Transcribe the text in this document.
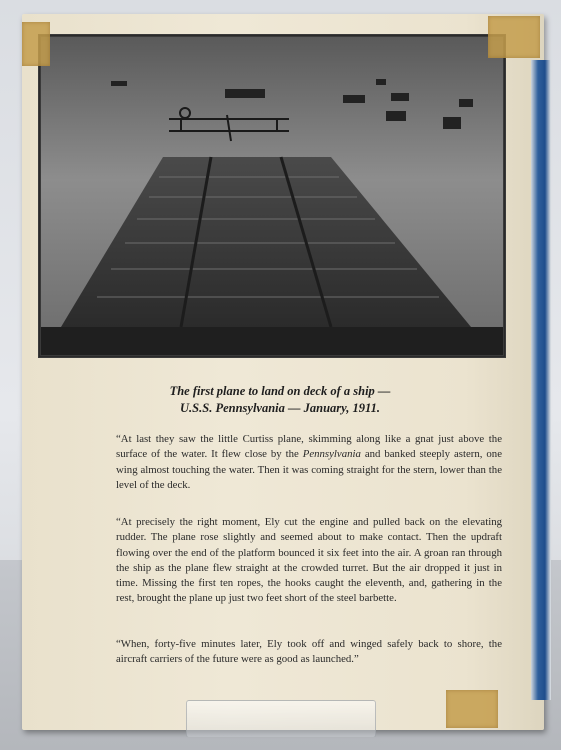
The first plane to land on deck of a ship —
U.S.S. Pennsylvania — January, 1911.
“At last they saw the little Curtiss plane, skimming along like a gnat just above the surface of the water. It flew close by the Pennsylvania and banked steeply astern, one wing almost touching the water. Then it was coming straight for the stern, lower than the level of the deck.
“At precisely the right moment, Ely cut the engine and pulled back on the elevating rudder. The plane rose slightly and seemed about to make contact. Then the updraft flowing over the end of the platform bounced it six feet into the air. A groan ran through the ship as the plane flew straight at the crowded turret. But the air dropped it just in time. Missing the first ten ropes, the hooks caught the eleventh, and, gathering in the rest, brought the plane up just two feet short of the steel barbette.
“When, forty-five minutes later, Ely took off and winged safely back to shore, the aircraft carriers of the future were as good as launched.”
